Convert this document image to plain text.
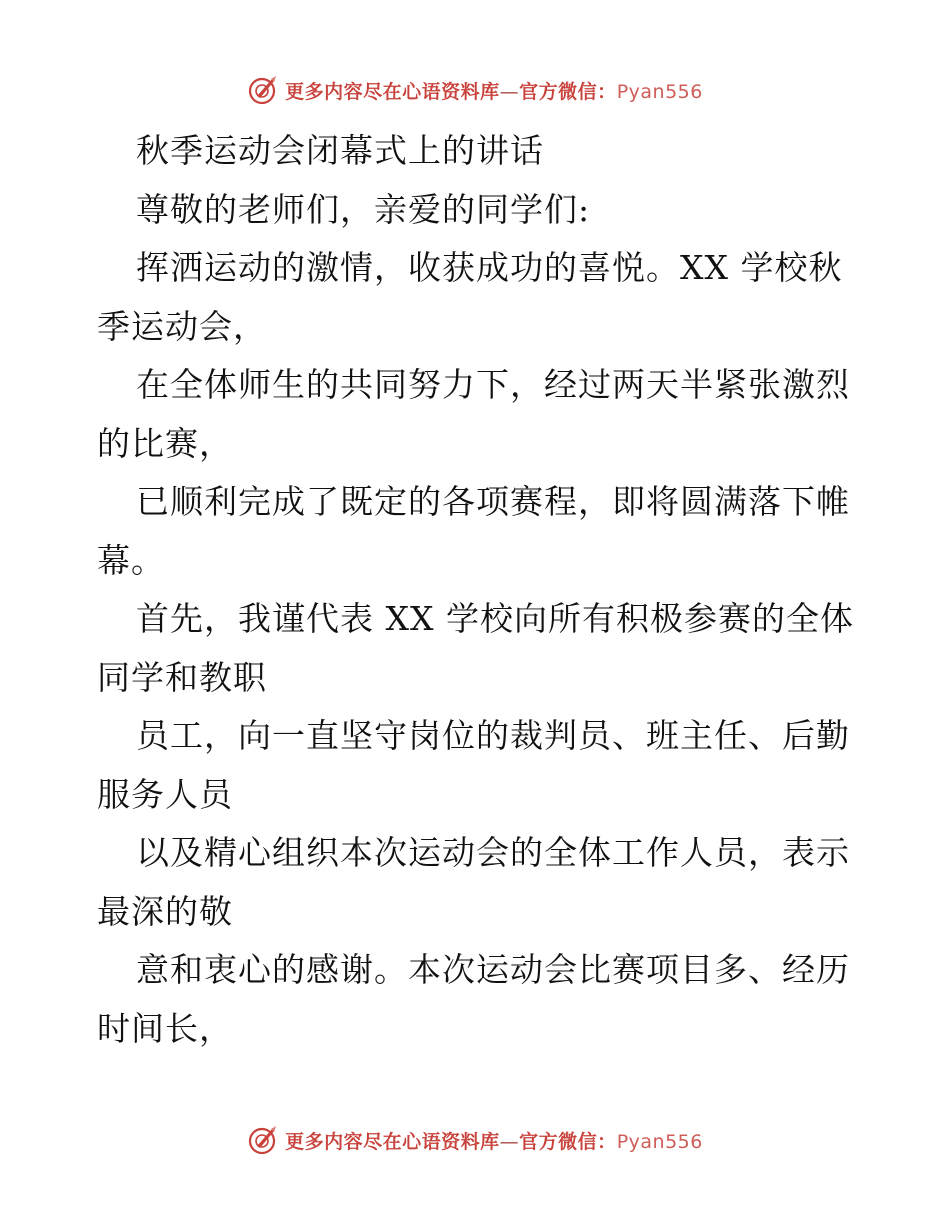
更多内容尽在心语资料库—官方微信：Pyan556
秋季运动会闭幕式上的讲话
尊敬的老师们，亲爱的同学们:
挥洒运动的激情，收获成功的喜悦。XX 学校秋
季运动会，
在全体师生的共同努力下，经过两天半紧张激烈
的比赛，
已顺利完成了既定的各项赛程，即将圆满落下帷
幕。
首先，我谨代表 XX 学校向所有积极参赛的全体
同学和教职
员工，向一直坚守岗位的裁判员、班主任、后勤
服务人员
以及精心组织本次运动会的全体工作人员，表示
最深的敬
意和衷心的感谢。本次运动会比赛项目多、经历
时间长，
更多内容尽在心语资料库—官方微信：Pyan556
